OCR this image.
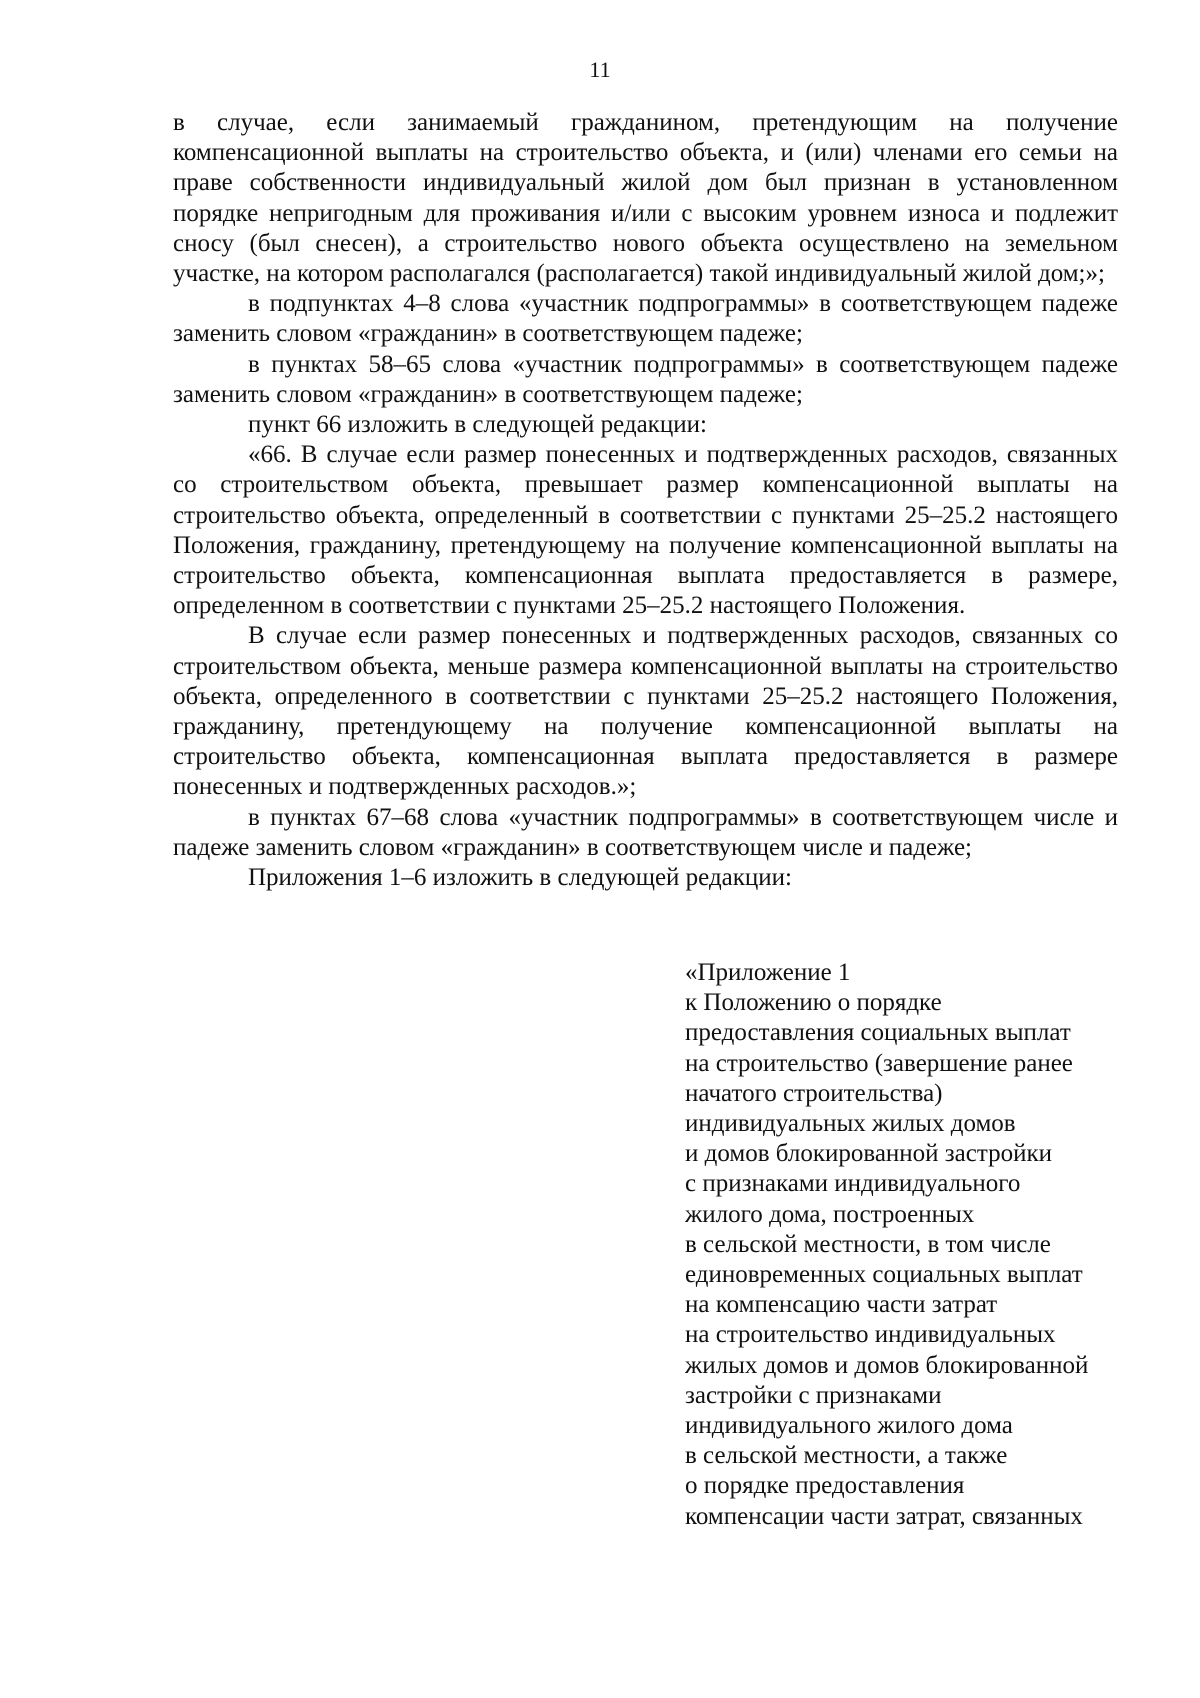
11

в случае, если занимаемый гражданином, претендующим на получение компенсационной выплаты на строительство объекта, и (или) членами его семьи на праве собственности индивидуальный жилой дом был признан в установленном порядке непригодным для проживания и/или с высоким уровнем износа и подлежит сносу (был снесен), а строительство нового объекта осуществлено на земельном участке, на котором располагался (располагается) такой индивидуальный жилой дом;»;

в подпунктах 4–8 слова «участник подпрограммы» в соответствующем падеже заменить словом «гражданин» в соответствующем падеже;

в пунктах 58–65 слова «участник подпрограммы» в соответствующем падеже заменить словом «гражданин» в соответствующем падеже;

пункт 66 изложить в следующей редакции:

«66. В случае если размер понесенных и подтвержденных расходов, связанных со строительством объекта, превышает размер компенсационной выплаты на строительство объекта, определенный в соответствии с пунктами 25–25.2 настоящего Положения, гражданину, претендующему на получение компенсационной выплаты на строительство объекта, компенсационная выплата предоставляется в размере, определенном в соответствии с пунктами 25–25.2 настоящего Положения.

В случае если размер понесенных и подтвержденных расходов, связанных со строительством объекта, меньше размера компенсационной выплаты на строительство объекта, определенного в соответствии с пунктами 25–25.2 настоящего Положения, гражданину, претендующему на получение компенсационной выплаты на строительство объекта, компенсационная выплата предоставляется в размере понесенных и подтвержденных расходов.»;

в пунктах 67–68 слова «участник подпрограммы» в соответствующем числе и падеже заменить словом «гражданин» в соответствующем числе и падеже;

Приложения 1–6 изложить в следующей редакции:

«Приложение 1
к Положению о порядке
предоставления социальных выплат
на строительство (завершение ранее
начатого строительства)
индивидуальных жилых домов
и домов блокированной застройки
с признаками индивидуального
жилого дома, построенных
в сельской местности, в том числе
единовременных социальных выплат
на компенсацию части затрат
на строительство индивидуальных
жилых домов и домов блокированной
застройки с признаками
индивидуального жилого дома
в сельской местности, а также
о порядке предоставления
компенсации части затрат, связанных
